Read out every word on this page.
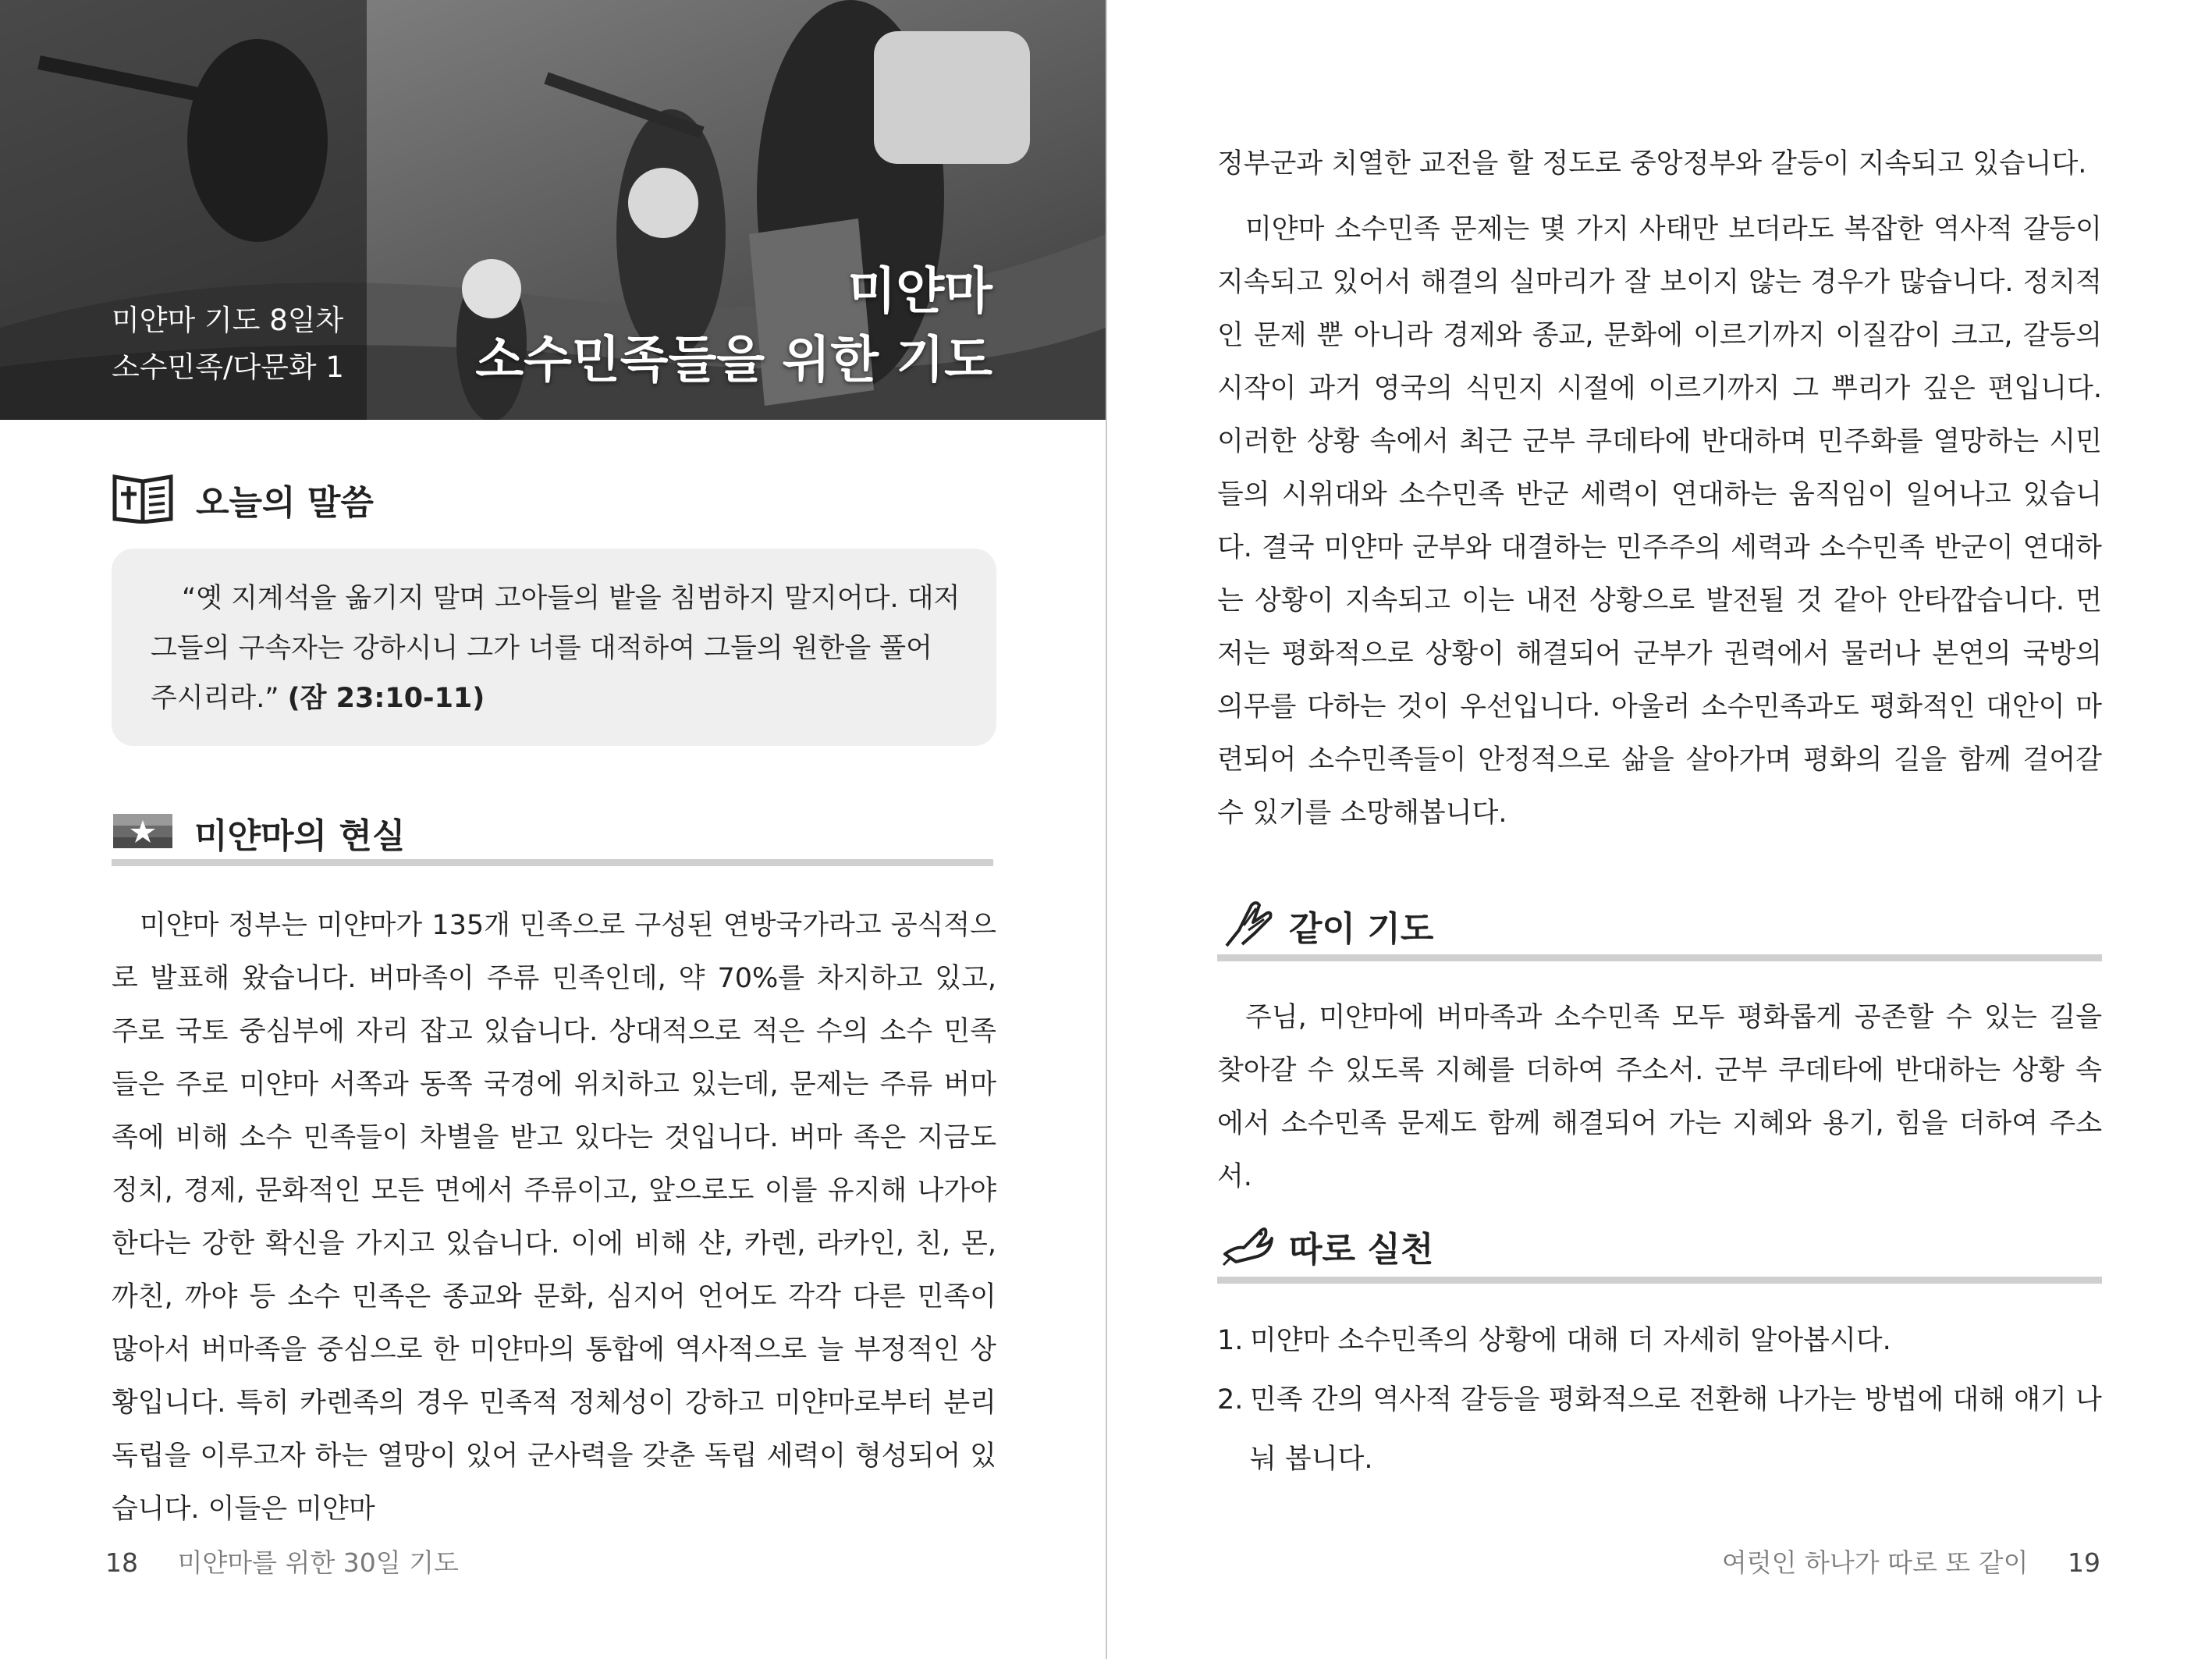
미얀마 기도 8일차
소수민족/다문화 1
미얀마
소수민족들을 위한 기도
오늘의 말씀
“옛 지계석을 옮기지 말며 고아들의 밭을 침범하지 말지어다. 대저 그들의 구속자는 강하시니 그가 너를 대적하여 그들의 원한을 풀어 주시리라.” (잠 23:10-11)
미얀마의 현실
미얀마 정부는 미얀마가 135개 민족으로 구성된 연방국가라고 공식적으로 발표해 왔습니다. 버마족이 주류 민족인데, 약 70%를 차지하고 있고, 주로 국토 중심부에 자리 잡고 있습니다. 상대적으로 적은 수의 소수 민족들은 주로 미얀마 서쪽과 동쪽 국경에 위치하고 있는데, 문제는 주류 버마족에 비해 소수 민족들이 차별을 받고 있다는 것입니다. 버마 족은 지금도 정치, 경제, 문화적인 모든 면에서 주류이고, 앞으로도 이를 유지해 나가야 한다는 강한 확신을 가지고 있습니다. 이에 비해 샨, 카렌, 라카인, 친, 몬, 까친, 까야 등 소수 민족은 종교와 문화, 심지어 언어도 각각 다른 민족이 많아서 버마족을 중심으로 한 미얀마의 통합에 역사적으로 늘 부정적인 상황입니다. 특히 카렌족의 경우 민족적 정체성이 강하고 미얀마로부터 분리 독립을 이루고자 하는 열망이 있어 군사력을 갖춘 독립 세력이 형성되어 있습니다. 이들은 미얀마
18 미얀마를 위한 30일 기도
정부군과 치열한 교전을 할 정도로 중앙정부와 갈등이 지속되고 있습니다.
미얀마 소수민족 문제는 몇 가지 사태만 보더라도 복잡한 역사적 갈등이 지속되고 있어서 해결의 실마리가 잘 보이지 않는 경우가 많습니다. 정치적인 문제 뿐 아니라 경제와 종교, 문화에 이르기까지 이질감이 크고, 갈등의 시작이 과거 영국의 식민지 시절에 이르기까지 그 뿌리가 깊은 편입니다. 이러한 상황 속에서 최근 군부 쿠데타에 반대하며 민주화를 열망하는 시민들의 시위대와 소수민족 반군 세력이 연대하는 움직임이 일어나고 있습니다. 결국 미얀마 군부와 대결하는 민주주의 세력과 소수민족 반군이 연대하는 상황이 지속되고 이는 내전 상황으로 발전될 것 같아 안타깝습니다. 먼저는 평화적으로 상황이 해결되어 군부가 권력에서 물러나 본연의 국방의 의무를 다하는 것이 우선입니다. 아울러 소수민족과도 평화적인 대안이 마련되어 소수민족들이 안정적으로 삶을 살아가며 평화의 길을 함께 걸어갈 수 있기를 소망해봅니다.
같이 기도
주님, 미얀마에 버마족과 소수민족 모두 평화롭게 공존할 수 있는 길을 찾아갈 수 있도록 지혜를 더하여 주소서. 군부 쿠데타에 반대하는 상황 속에서 소수민족 문제도 함께 해결되어 가는 지혜와 용기, 힘을 더하여 주소서.
따로 실천
1. 미얀마 소수민족의 상황에 대해 더 자세히 알아봅시다.
2. 민족 간의 역사적 갈등을 평화적으로 전환해 나가는 방법에 대해 얘기 나눠 봅니다.
여럿인 하나가 따로 또 같이 19
